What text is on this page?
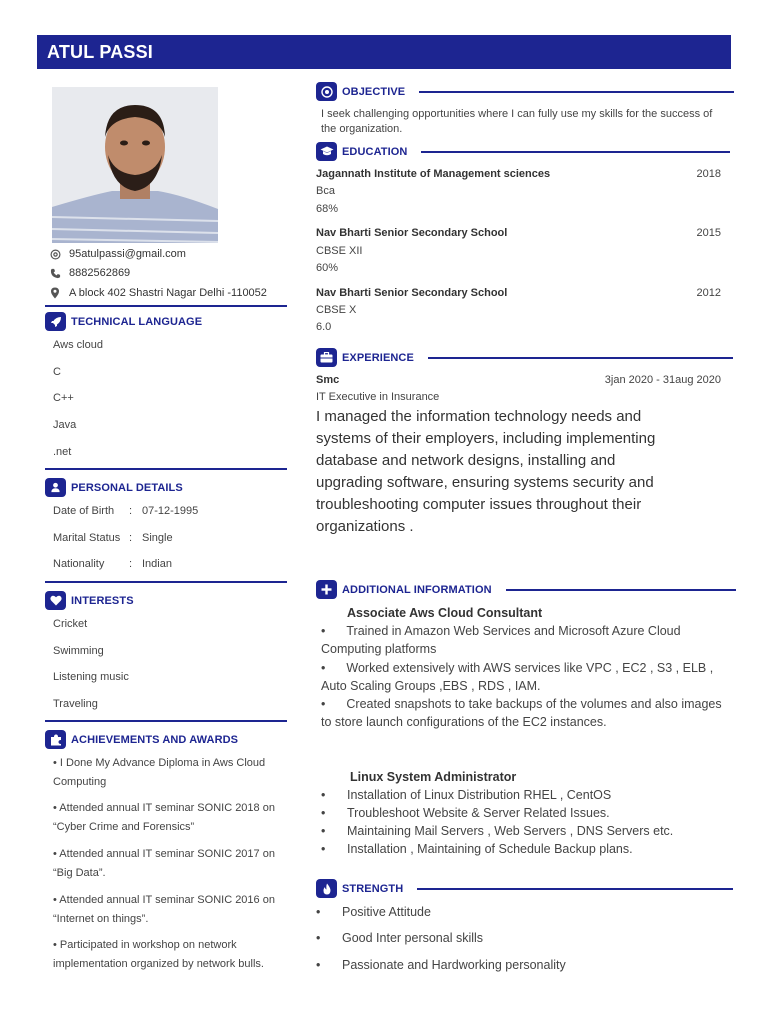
ATUL PASSI
95atulpassi@gmail.com
8882562869
A block 402 Shastri Nagar Delhi -110052
TECHNICAL LANGUAGE
Aws cloud
C
C++
Java
.net
PERSONAL DETAILS
Date of Birth	: 07-12-1995
Marital Status : Single
Nationality	: Indian
INTERESTS
Cricket
Swimming
Listening music
Traveling
ACHIEVEMENTS AND AWARDS
• I Done My Advance Diploma in Aws Cloud Computing
• Attended annual IT seminar SONIC 2018 on “Cyber Crime and Forensics”
• Attended annual IT seminar SONIC 2017 on “Big Data”.
• Attended annual IT seminar SONIC 2016 on “Internet on things”.
• Participated in workshop on network implementation organized by network bulls.
OBJECTIVE
I seek challenging opportunities where I can fully use my skills for the success of the organization.
EDUCATION
Jagannath Institute of Management sciences	2018
Bca
68%
Nav Bharti Senior Secondary School	2015
CBSE XII
60%
Nav Bharti Senior Secondary School	2012
CBSE X
6.0
EXPERIENCE
Smc	3jan 2020 - 31aug 2020
IT Executive in Insurance
I managed the information technology needs and systems of their employers, including implementing database and network designs, installing and upgrading software, ensuring systems security and troubleshooting computer issues throughout their organizations .
ADDITIONAL INFORMATION
Associate Aws Cloud Consultant
• Trained in Amazon Web Services and Microsoft Azure Cloud Computing platforms
• Worked extensively with AWS services like VPC , EC2 , S3 , ELB , Auto Scaling Groups ,EBS , RDS , IAM.
• Created snapshots to take backups of the volumes and also images to store launch configurations of the EC2 instances.
Linux System Administrator
•	Installation of Linux Distribution RHEL , CentOS
•	Troubleshoot Website & Server Related Issues.
•	Maintaining Mail Servers , Web Servers , DNS Servers etc.
•	Installation , Maintaining of Schedule Backup plans.
STRENGTH
•	Positive Attitude
•	Good Inter personal skills
•	Passionate and Hardworking personality
